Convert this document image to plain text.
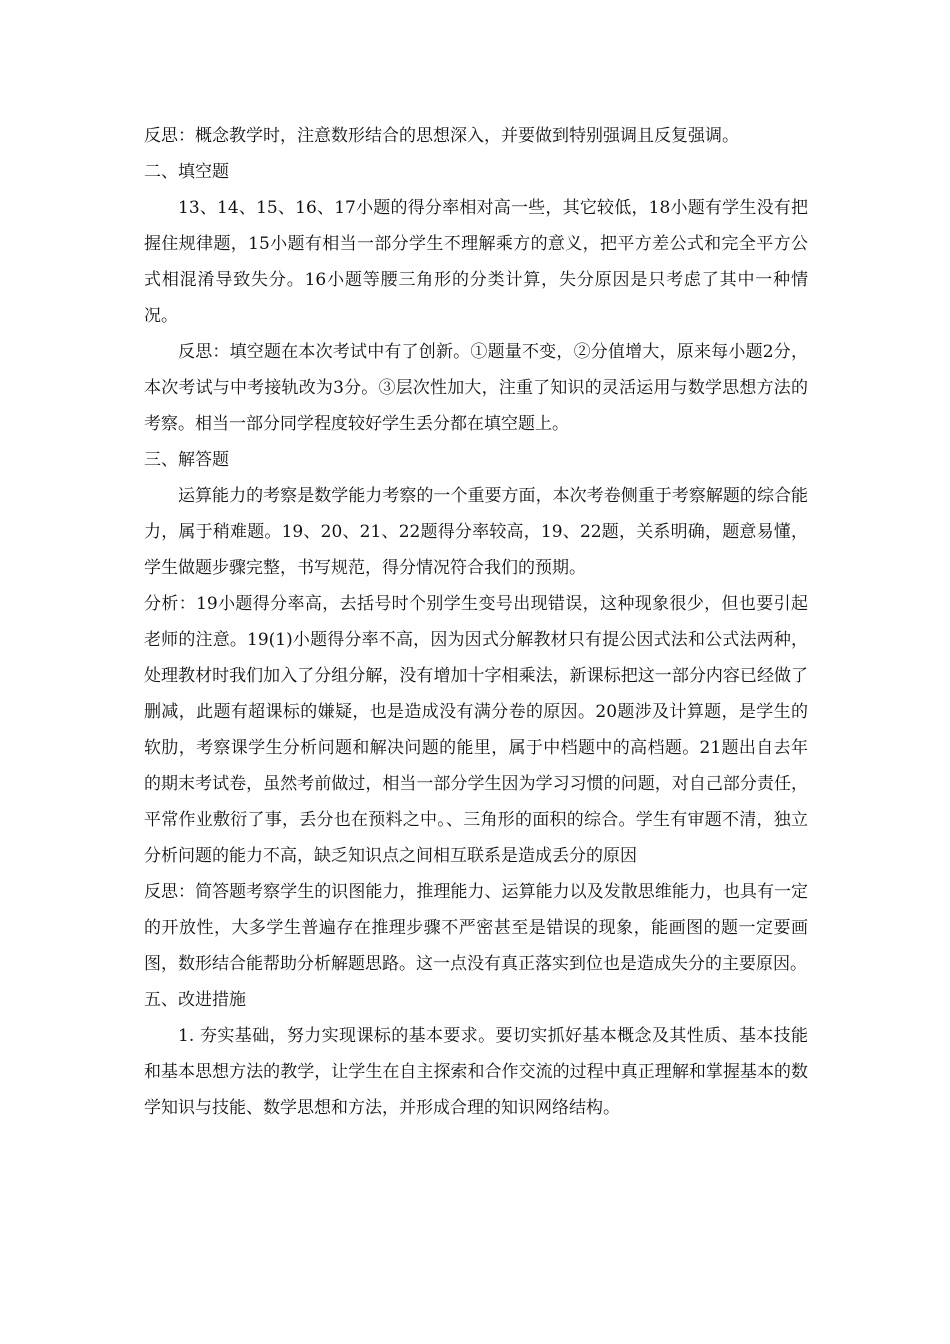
反思：概念教学时，注意数形结合的思想深入，并要做到特别强调且反复强调。

二、填空题

13、14、15、16、17小题的得分率相对高一些，其它较低，18小题有学生没有把握住规律题，15小题有相当一部分学生不理解乘方的意义，把平方差公式和完全平方公式相混淆导致失分。16小题等腰三角形的分类计算，失分原因是只考虑了其中一种情况。

反思：填空题在本次考试中有了创新。①题量不变，②分值增大，原来每小题2分，本次考试与中考接轨改为3分。③层次性加大，注重了知识的灵活运用与数学思想方法的考察。相当一部分同学程度较好学生丢分都在填空题上。

三、解答题

运算能力的考察是数学能力考察的一个重要方面，本次考卷侧重于考察解题的综合能力，属于稍难题。19、20、21、22题得分率较高，19、22题，关系明确，题意易懂，学生做题步骤完整，书写规范，得分情况符合我们的预期。

分析：19小题得分率高，去括号时个别学生变号出现错误，这种现象很少，但也要引起老师的注意。19(1)小题得分率不高，因为因式分解教材只有提公因式法和公式法两种，处理教材时我们加入了分组分解，没有增加十字相乘法，新课标把这一部分内容已经做了删减，此题有超课标的嫌疑，也是造成没有满分卷的原因。20题涉及计算题，是学生的软肋，考察课学生分析问题和解决问题的能里，属于中档题中的高档题。21题出自去年的期末考试卷，虽然考前做过，相当一部分学生因为学习习惯的问题，对自己部分责任，平常作业敷衍了事，丢分也在预料之中。、三角形的面积的综合。学生有审题不清，独立分析问题的能力不高，缺乏知识点之间相互联系是造成丢分的原因

反思：简答题考察学生的识图能力，推理能力、运算能力以及发散思维能力，也具有一定的开放性，大多学生普遍存在推理步骤不严密甚至是错误的现象，能画图的题一定要画图，数形结合能帮助分析解题思路。这一点没有真正落实到位也是造成失分的主要原因。

五、改进措施

1. 夯实基础，努力实现课标的基本要求。要切实抓好基本概念及其性质、基本技能和基本思想方法的教学，让学生在自主探索和合作交流的过程中真正理解和掌握基本的数学知识与技能、数学思想和方法，并形成合理的知识网络结构。
